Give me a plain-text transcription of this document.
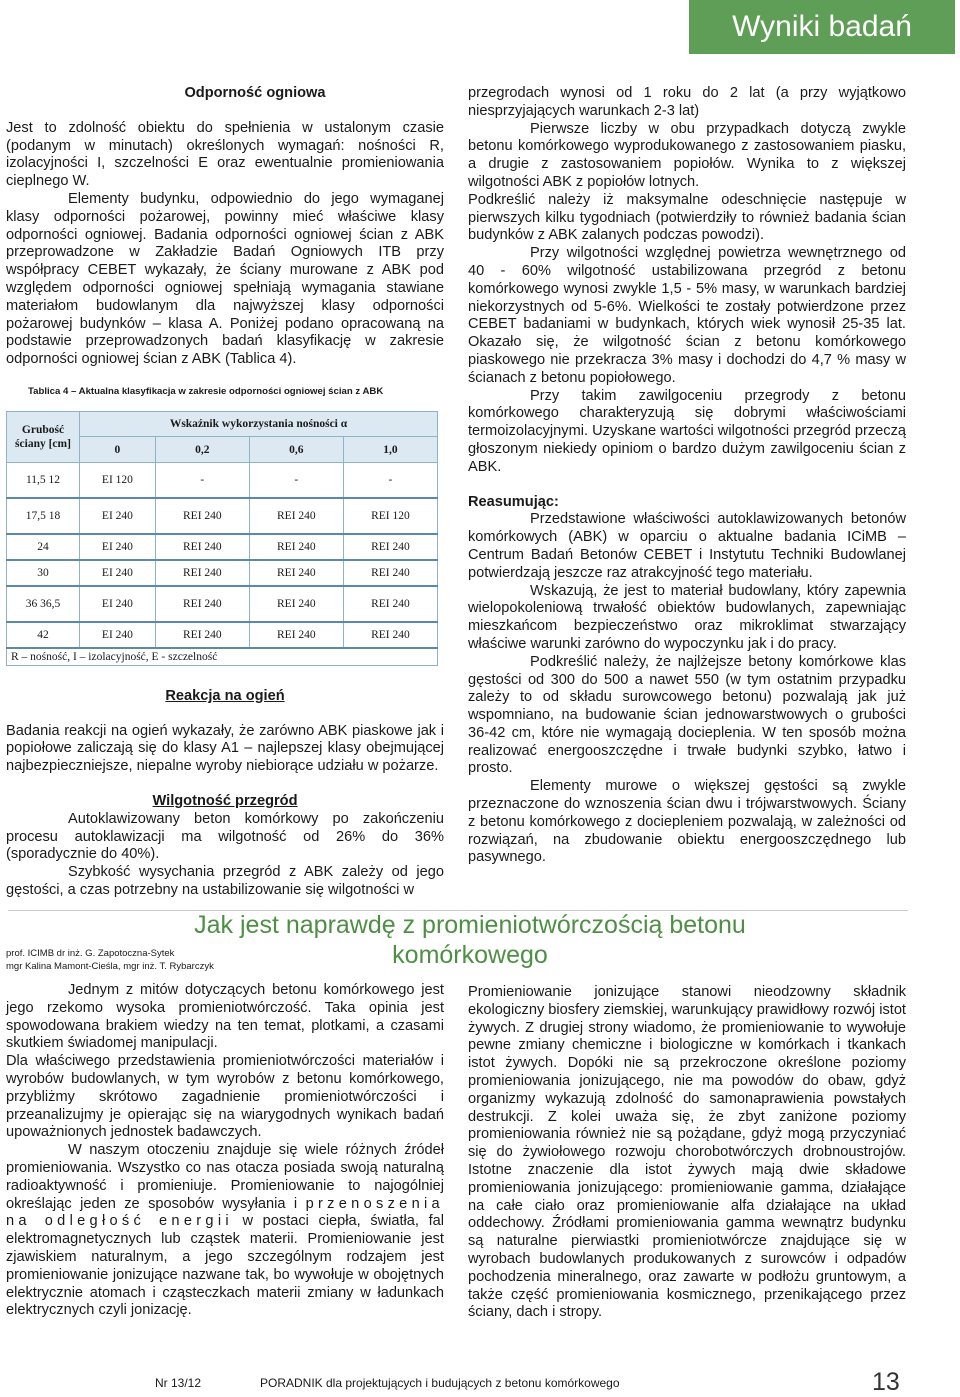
Wyniki badań

Odporność ogniowa

Jest to zdolność obiektu do spełnienia w ustalonym czasie (podanym w minutach) określonych wymagań: nośności R, izolacyjności I, szczelności E oraz ewentualnie promieniowania cieplnego W.

Elementy budynku, odpowiednio do jego wymaganej klasy odporności pożarowej, powinny mieć właściwe klasy odporności ogniowej. Badania odporności ogniowej ścian z ABK przeprowadzone w Zakładzie Badań Ogniowych ITB przy współpracy CEBET wykazały, że ściany murowane z ABK pod względem odporności ogniowej spełniają wymagania stawiane materiałom budowlanym dla najwyższej klasy odporności pożarowej budynków – klasa A. Poniżej podano opracowaną na podstawie przeprowadzonych badań klasyfikację w zakresie odporności ogniowej ścian z ABK (Tablica 4).

Tablica 4 – Aktualna klasyfikacja w zakresie odporności ogniowej ścian z ABK
Grubość ściany [cm]	Wskaźnik wykorzystania nośności α			
	0	0,2	0,6	1,0
11,5 12	EI 120	-	-	-
17,5 18	EI 240	REI 240	REI 240	REI 120
24	EI 240	REI 240	REI 240	REI 240
30	EI 240	REI 240	REI 240	REI 240
36 36,5	EI 240	REI 240	REI 240	REI 240
42	EI 240	REI 240	REI 240	REI 240
R – nośność, I – izolacyjność, E - szczelność				

Reakcja na ogień

Badania reakcji na ogień wykazały, że zarówno ABK piaskowe jak i popiołowe zaliczają się do klasy A1 – najlepszej klasy obejmującej najbezpieczniejsze, niepalne wyroby niebiorące udziału w pożarze.

Wilgotność przegród

Autoklawizowany beton komórkowy po zakończeniu procesu autoklawizacji ma wilgotność od 26% do 36% (sporadycznie do 40%).

Szybkość wysychania przegród z ABK zależy od jego gęstości, a czas potrzebny na ustabilizowanie się wilgotności w

przegrodach wynosi od 1 roku do 2 lat (a przy wyjątkowo niesprzyjających warunkach 2-3 lat)

Pierwsze liczby w obu przypadkach dotyczą zwykle betonu komórkowego wyprodukowanego z zastosowaniem piasku, a drugie z zastosowaniem popiołów. Wynika to z większej wilgotności ABK z popiołów lotnych.

Podkreślić należy iż maksymalne odeschnięcie następuje w pierwszych kilku tygodniach (potwierdziły to również badania ścian budynków z ABK zalanych podczas powodzi).

Przy wilgotności względnej powietrza wewnętrznego od 40 - 60% wilgotność ustabilizowana przegród z betonu komórkowego wynosi zwykle 1,5 - 5% masy, w warunkach bardziej niekorzystnych od 5-6%. Wielkości te zostały potwierdzone przez CEBET badaniami w budynkach, których wiek wynosił 25-35 lat. Okazało się, że wilgotność ścian z betonu komórkowego piaskowego nie przekracza 3% masy i dochodzi do 4,7 % masy w ścianach z betonu popiołowego.

Przy takim zawilgoceniu przegrody z betonu komórkowego charakteryzują się dobrymi właściwościami termoizolacyjnymi. Uzyskane wartości wilgotności przegród przeczą głoszonym niekiedy opiniom o bardzo dużym zawilgoceniu ścian z ABK.

Reasumując:

Przedstawione właściwości autoklawizowanych betonów komórkowych (ABK) w oparciu o aktualne badania ICiMB – Centrum Badań Betonów CEBET i Instytutu Techniki Budowlanej potwierdzają jeszcze raz atrakcyjność tego materiału.

Wskazują, że jest to materiał budowlany, który zapewnia wielopokoleniową trwałość obiektów budowlanych, zapewniając mieszkańcom bezpieczeństwo oraz mikroklimat stwarzający właściwe warunki zarówno do wypoczynku jak i do pracy.

Podkreślić należy, że najlżejsze betony komórkowe klas gęstości od 300 do 500 a nawet 550 (w tym ostatnim przypadku zależy to od składu surowcowego betonu) pozwalają jak już wspomniano, na budowanie ścian jednowarstwowych o grubości 36-42 cm, które nie wymagają docieplenia. W ten sposób można realizować energooszczędne i trwałe budynki szybko, łatwo i prosto.

Elementy murowe o większej gęstości są zwykle przeznaczone do wznoszenia ścian dwu i trójwarstwowych. Ściany z betonu komórkowego z dociepleniem pozwalają, w zależności od rozwiązań, na zbudowanie obiektu energooszczędnego lub pasywnego.

Jak jest naprawdę z promieniotwórczością betonu komórkowego
prof. ICIMB dr inż. G. Zapotoczna-Sytek
mgr Kalina Mamont-Cieśla, mgr inż. T. Rybarczyk

Jednym z mitów dotyczących betonu komórkowego jest jego rzekomo wysoka promieniotwórczość. Taka opinia jest spowodowana brakiem wiedzy na ten temat, plotkami, a czasami skutkiem świadomej manipulacji.

Dla właściwego przedstawienia promieniotwórczości materiałów i wyrobów budowlanych, w tym wyrobów z betonu komórkowego, przybliżmy skrótowo zagadnienie promieniotwórczości i przeanalizujmy je opierając się na wiarygodnych wynikach badań upoważnionych jednostek badawczych.

W naszym otoczeniu znajduje się wiele różnych źródeł promieniowania. Wszystko co nas otacza posiada swoją naturalną radioaktywność i promieniuje. Promieniowanie to najogólniej określając jeden ze sposobów wysyłania i przenoszenia na odległość energii w postaci ciepła, światła, fal elektromagnetycznych lub cząstek materii. Promieniowanie jest zjawiskiem naturalnym, a jego szczególnym rodzajem jest promieniowanie jonizujące nazwane tak, bo wywołuje w obojętnych elektrycznie atomach i cząsteczkach materii zmiany w ładunkach elektrycznych czyli jonizację.

Promieniowanie jonizujące stanowi nieodzowny składnik ekologiczny biosfery ziemskiej, warunkujący prawidłowy rozwój istot żywych. Z drugiej strony wiadomo, że promieniowanie to wywołuje pewne zmiany chemiczne i biologiczne w komórkach i tkankach istot żywych. Dopóki nie są przekroczone określone poziomy promieniowania jonizującego, nie ma powodów do obaw, gdyż organizmy wykazują zdolność do samonaprawienia powstałych destrukcji. Z kolei uważa się, że zbyt zaniżone poziomy promieniowania również nie są pożądane, gdyż mogą przyczyniać się do żywiołowego rozwoju chorobotwórczych drobnoustrojów. Istotne znaczenie dla istot żywych mają dwie składowe promieniowania jonizującego: promieniowanie gamma, działające na całe ciało oraz promieniowanie alfa działające na układ oddechowy. Źródłami promieniowania gamma wewnątrz budynku są naturalne pierwiastki promieniotwórcze znajdujące się w wyrobach budowlanych produkowanych z surowców i odpadów pochodzenia mineralnego, oraz zawarte w podłożu gruntowym, a także część promieniowania kosmicznego, przenikającego przez ściany, dach i stropy.

Nr 13/12	PORADNIK dla projektujących i budujących z betonu komórkowego	13
